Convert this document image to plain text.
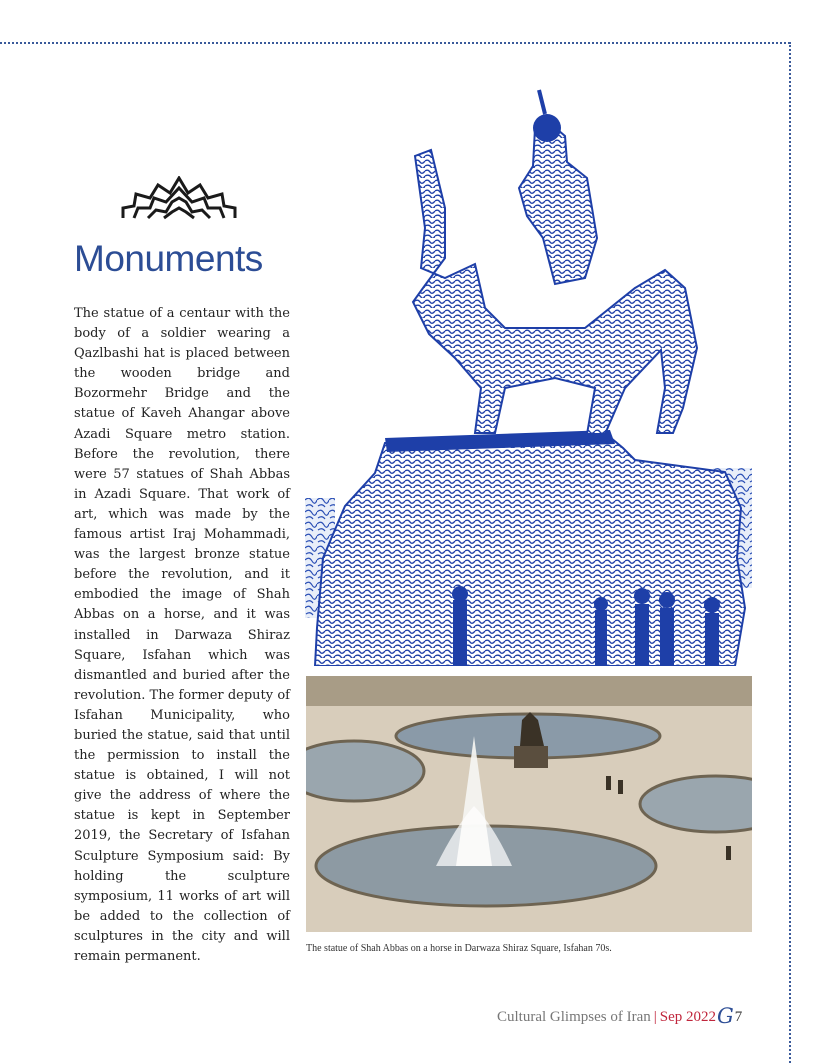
Monuments

The statue of a centaur with the body of a soldier wearing a Qazlbashi hat is placed between the wooden bridge and Bozormehr Bridge and the statue of Kaveh Ahangar above Azadi Square metro station. Before the revolution, there were 57 statues of Shah Abbas in Azadi Square. That work of art, which was made by the famous artist Iraj Mohammadi, was the largest bronze statue before the revolution, and it embodied the image of Shah Abbas on a horse, and it was installed in Darwaza Shiraz Square, Isfahan which was dismantled and buried after the revolution. The former deputy of Isfahan Municipality, who buried the statue, said that until the permission to install the statue is obtained, I will not give the address of where the statue is kept in September 2019, the Secretary of Isfahan Sculpture Symposium said: By holding the sculpture symposium, 11 works of art will be added to the collection of sculptures in the city and will remain permanent.

The statue of Shah Abbas on a horse in Darwaza Shiraz Square, Isfahan 70s.

Cultural Glimpses of Iran | Sep 2022G7
